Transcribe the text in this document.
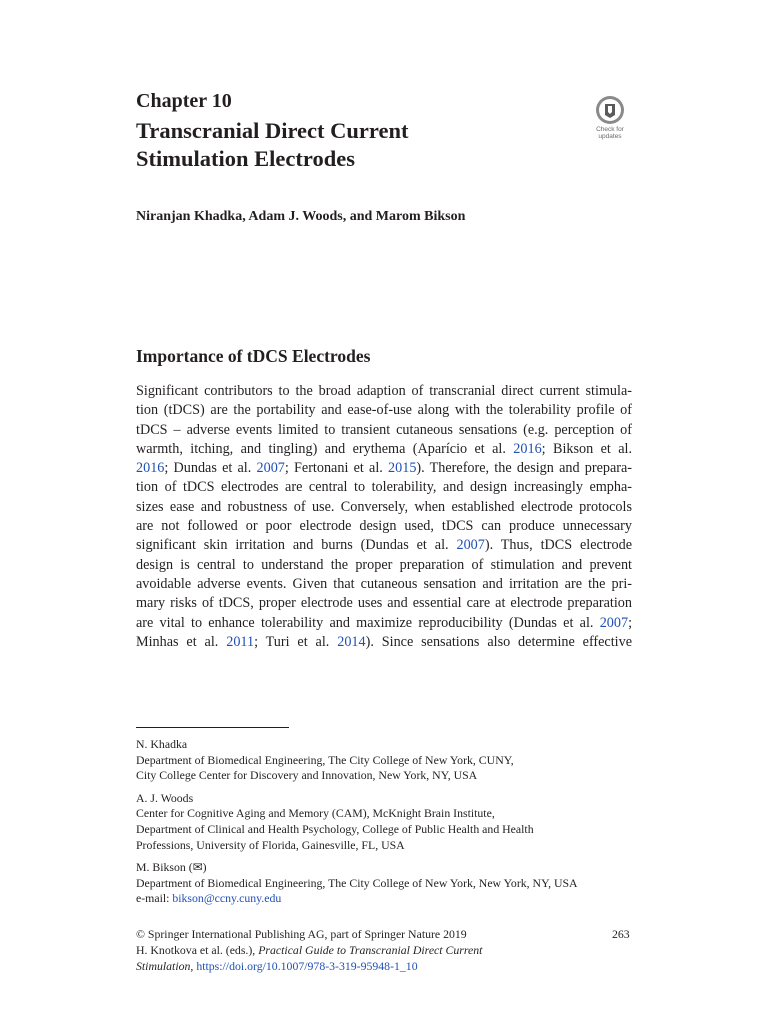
Chapter 10
Transcranial Direct Current
Stimulation Electrodes
Check for
updates
Niranjan Khadka, Adam J. Woods, and Marom Bikson
Importance of tDCS Electrodes
Significant contributors to the broad adaption of transcranial direct current stimula-
tion (tDCS) are the portability and ease-of-use along with the tolerability profile of
tDCS – adverse events limited to transient cutaneous sensations (e.g. perception of
warmth, itching, and tingling) and erythema (Aparício et al. 2016; Bikson et al.
2016; Dundas et al. 2007; Fertonani et al. 2015). Therefore, the design and prepara-
tion of tDCS electrodes are central to tolerability, and design increasingly empha-
sizes ease and robustness of use. Conversely, when established electrode protocols
are not followed or poor electrode design used, tDCS can produce unnecessary
significant skin irritation and burns (Dundas et al. 2007). Thus, tDCS electrode
design is central to understand the proper preparation of stimulation and prevent
avoidable adverse events. Given that cutaneous sensation and irritation are the pri-
mary risks of tDCS, proper electrode uses and essential care at electrode preparation
are vital to enhance tolerability and maximize reproducibility (Dundas et al. 2007;
Minhas et al. 2011; Turi et al. 2014). Since sensations also determine effective
N. Khadka
Department of Biomedical Engineering, The City College of New York, CUNY,
City College Center for Discovery and Innovation, New York, NY, USA
A. J. Woods
Center for Cognitive Aging and Memory (CAM), McKnight Brain Institute,
Department of Clinical and Health Psychology, College of Public Health and Health
Professions, University of Florida, Gainesville, FL, USA
M. Bikson (✉)
Department of Biomedical Engineering, The City College of New York, New York, NY, USA
e-mail: bikson@ccny.cuny.edu
© Springer International Publishing AG, part of Springer Nature 2019
H. Knotkova et al. (eds.), Practical Guide to Transcranial Direct Current
Stimulation, https://doi.org/10.1007/978-3-319-95948-1_10
263
